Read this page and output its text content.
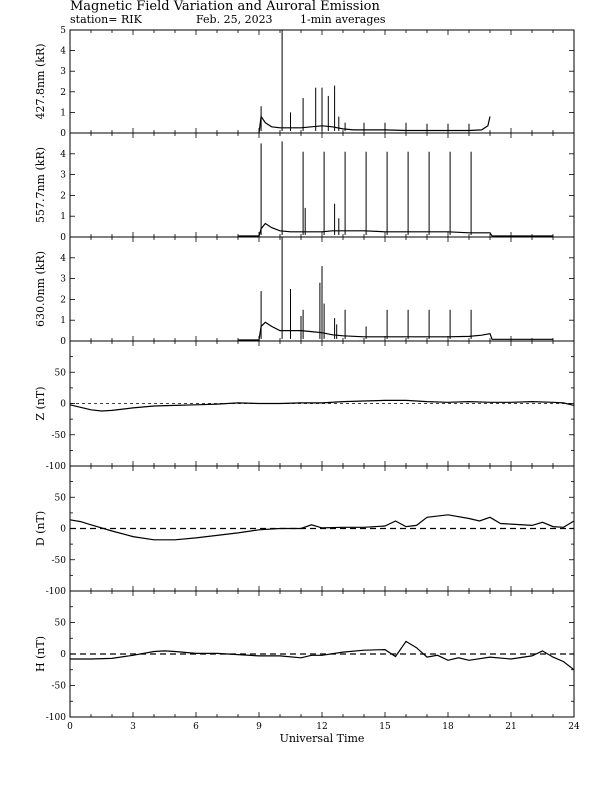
Magnetic Field Variation and Auroral Emission
station= RIK	Feb. 25, 2023 1-min averages
0
1
2
3
4
5
427.8nm (kR)
0
1
2
3
4
557.7nm (kR)
0
1
2
3
4
630.0nm (kR)
-100
-50
0
50
Z (nT)
-100
-50
0
50
D (nT)
-100
-50
0
50
H (nT)
0	3	6	9	12	15	18	21	24
Universal Time
